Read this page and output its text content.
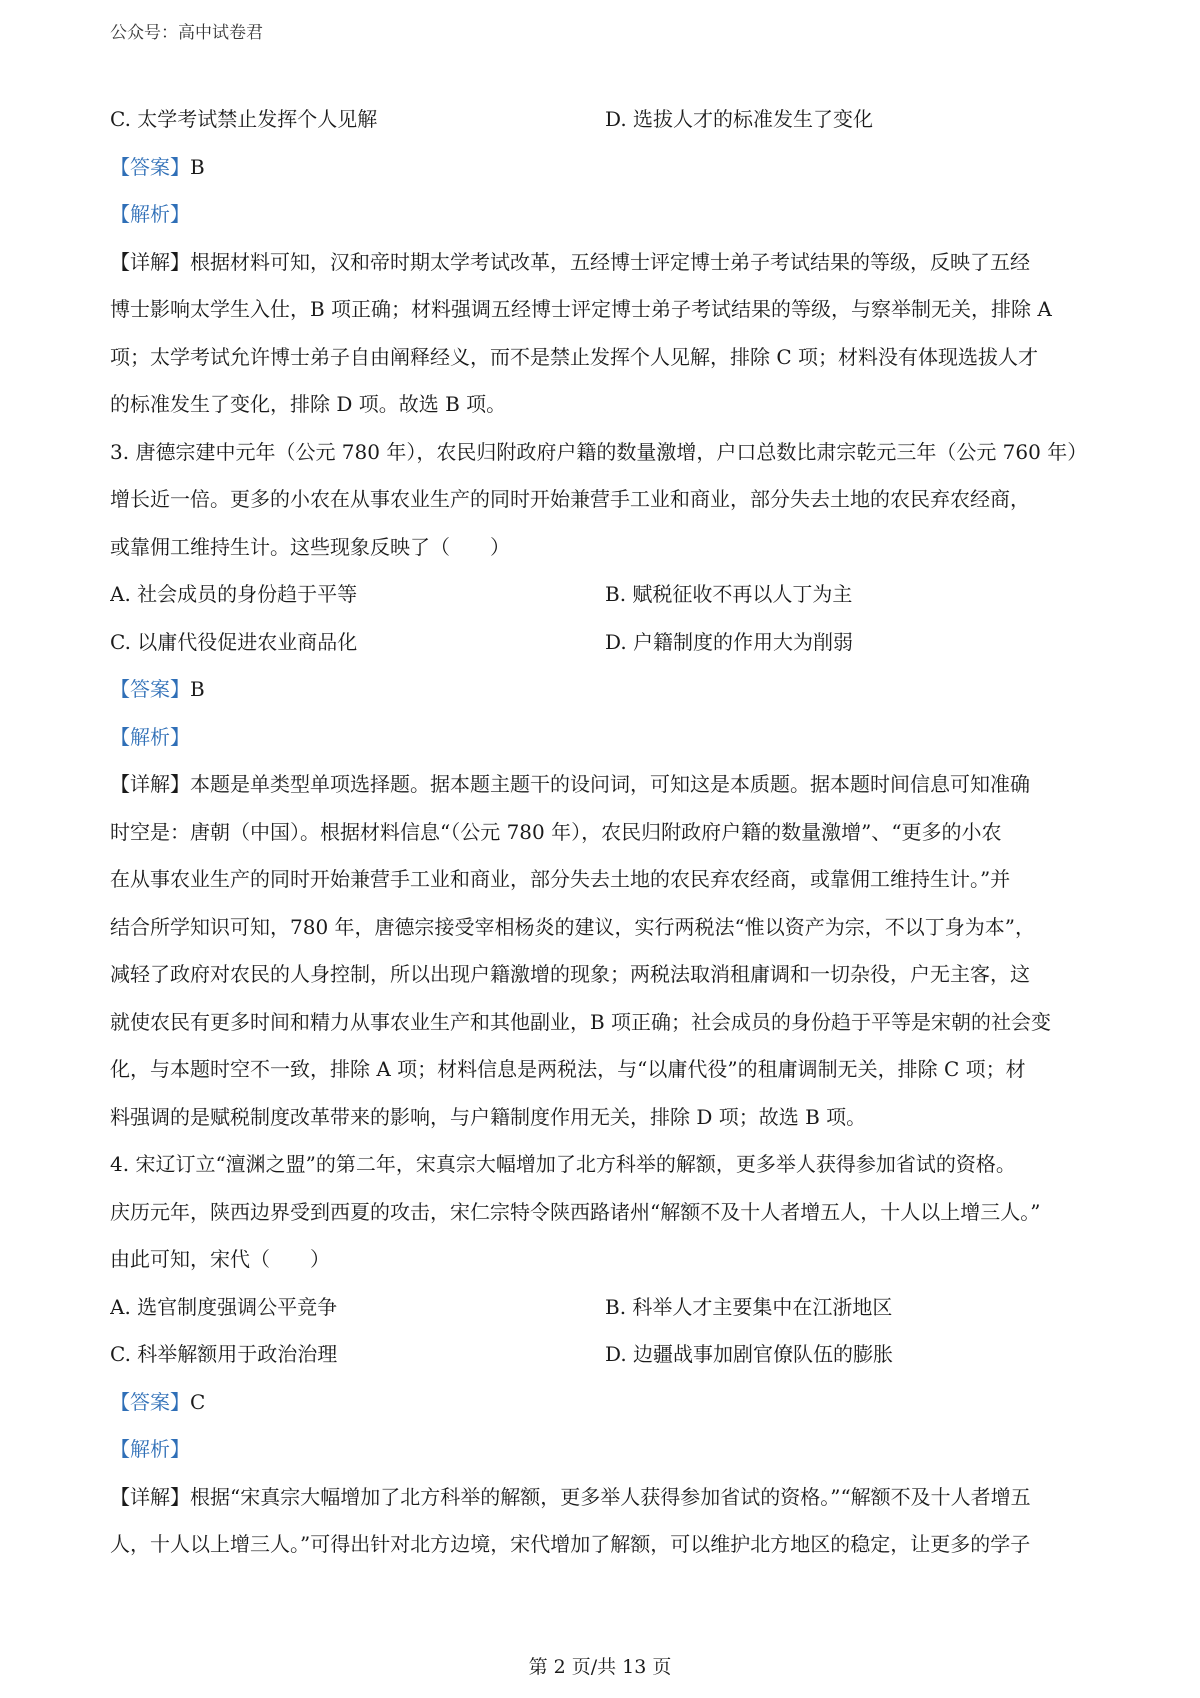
公众号：高中试卷君
C. 太学考试禁止发挥个人见解	D. 选拔人才的标准发生了变化
【答案】B
【解析】
【详解】根据材料可知，汉和帝时期太学考试改革，五经博士评定博士弟子考试结果的等级，反映了五经
博士影响太学生入仕，B 项正确；材料强调五经博士评定博士弟子考试结果的等级，与察举制无关，排除 A
项；太学考试允许博士弟子自由阐释经义，而不是禁止发挥个人见解，排除 C 项；材料没有体现选拔人才
的标准发生了变化，排除 D 项。故选 B 项。
3. 唐德宗建中元年（公元 780 年），农民归附政府户籍的数量激增，户口总数比肃宗乾元三年（公元 760 年）
增长近一倍。更多的小农在从事农业生产的同时开始兼营手工业和商业，部分失去土地的农民弃农经商，
或靠佣工维持生计。这些现象反映了（　　）
A. 社会成员的身份趋于平等	B. 赋税征收不再以人丁为主
C. 以庸代役促进农业商品化	D. 户籍制度的作用大为削弱
【答案】B
【解析】
【详解】本题是单类型单项选择题。据本题主题干的设问词，可知这是本质题。据本题时间信息可知准确
时空是：唐朝（中国）。根据材料信息“（公元 780 年），农民归附政府户籍的数量激增”、“更多的小农
在从事农业生产的同时开始兼营手工业和商业，部分失去土地的农民弃农经商，或靠佣工维持生计。”并
结合所学知识可知，780 年，唐德宗接受宰相杨炎的建议，实行两税法“惟以资产为宗，不以丁身为本”，
减轻了政府对农民的人身控制，所以出现户籍激增的现象；两税法取消租庸调和一切杂役，户无主客，这
就使农民有更多时间和精力从事农业生产和其他副业，B 项正确；社会成员的身份趋于平等是宋朝的社会变
化，与本题时空不一致，排除 A 项；材料信息是两税法，与“以庸代役”的租庸调制无关，排除 C 项；材
料强调的是赋税制度改革带来的影响，与户籍制度作用无关，排除 D 项；故选 B 项。
4. 宋辽订立“澶渊之盟”的第二年，宋真宗大幅增加了北方科举的解额，更多举人获得参加省试的资格。
庆历元年，陕西边界受到西夏的攻击，宋仁宗特令陕西路诸州“解额不及十人者增五人，十人以上增三人。”
由此可知，宋代（　　）
A. 选官制度强调公平竞争	B. 科举人才主要集中在江浙地区
C. 科举解额用于政治治理	D. 边疆战事加剧官僚队伍的膨胀
【答案】C
【解析】
【详解】根据“宋真宗大幅增加了北方科举的解额，更多举人获得参加省试的资格。”“解额不及十人者增五
人，十人以上增三人。”可得出针对北方边境，宋代增加了解额，可以维护北方地区的稳定，让更多的学子
第 2 页/共 13 页
